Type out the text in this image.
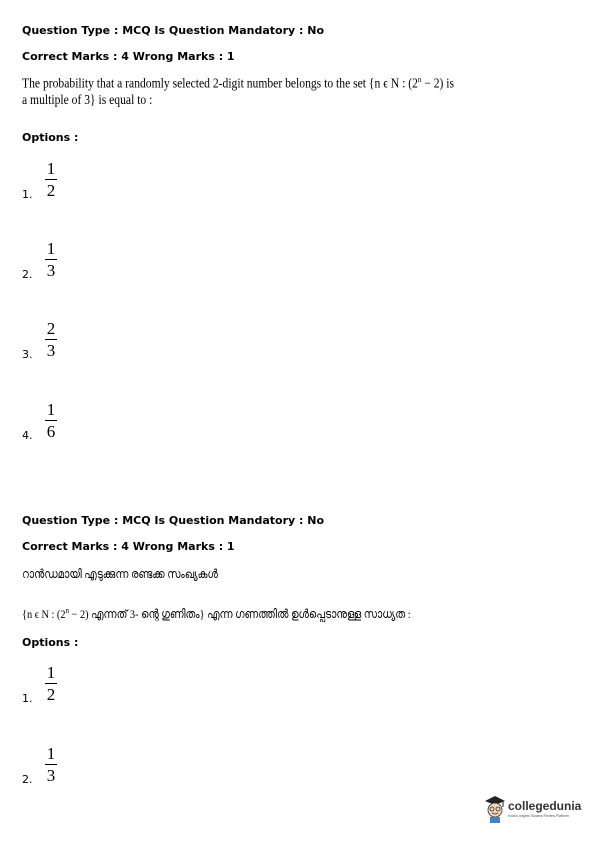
Question Type : MCQ Is Question Mandatory : No
Correct Marks : 4 Wrong Marks : 1
The probability that a randomly selected 2-digit number belongs to the set {n ϵ N : $(2^n - 2)$ is
a multiple of 3} is equal to :
Options :
1.
1
2
2.
1
3
3.
2
3
4.
1
6
Question Type : MCQ Is Question Mandatory : No
Correct Marks : 4 Wrong Marks : 1
റാൻഡമായി എടുക്കുന്ന രണ്ടക്ക സംഖ്യകൾ
{n ϵ N : $(2^n - 2)$ എന്നത് 3- ന്റെ ഗുണിതം} എന്ന ഗണത്തിൽ ഉൾപ്പെടാനുള്ള സാധ്യത :
Options :
1.
1
2
2.
1
3
collegedunia
India's largest Student Review Platform
